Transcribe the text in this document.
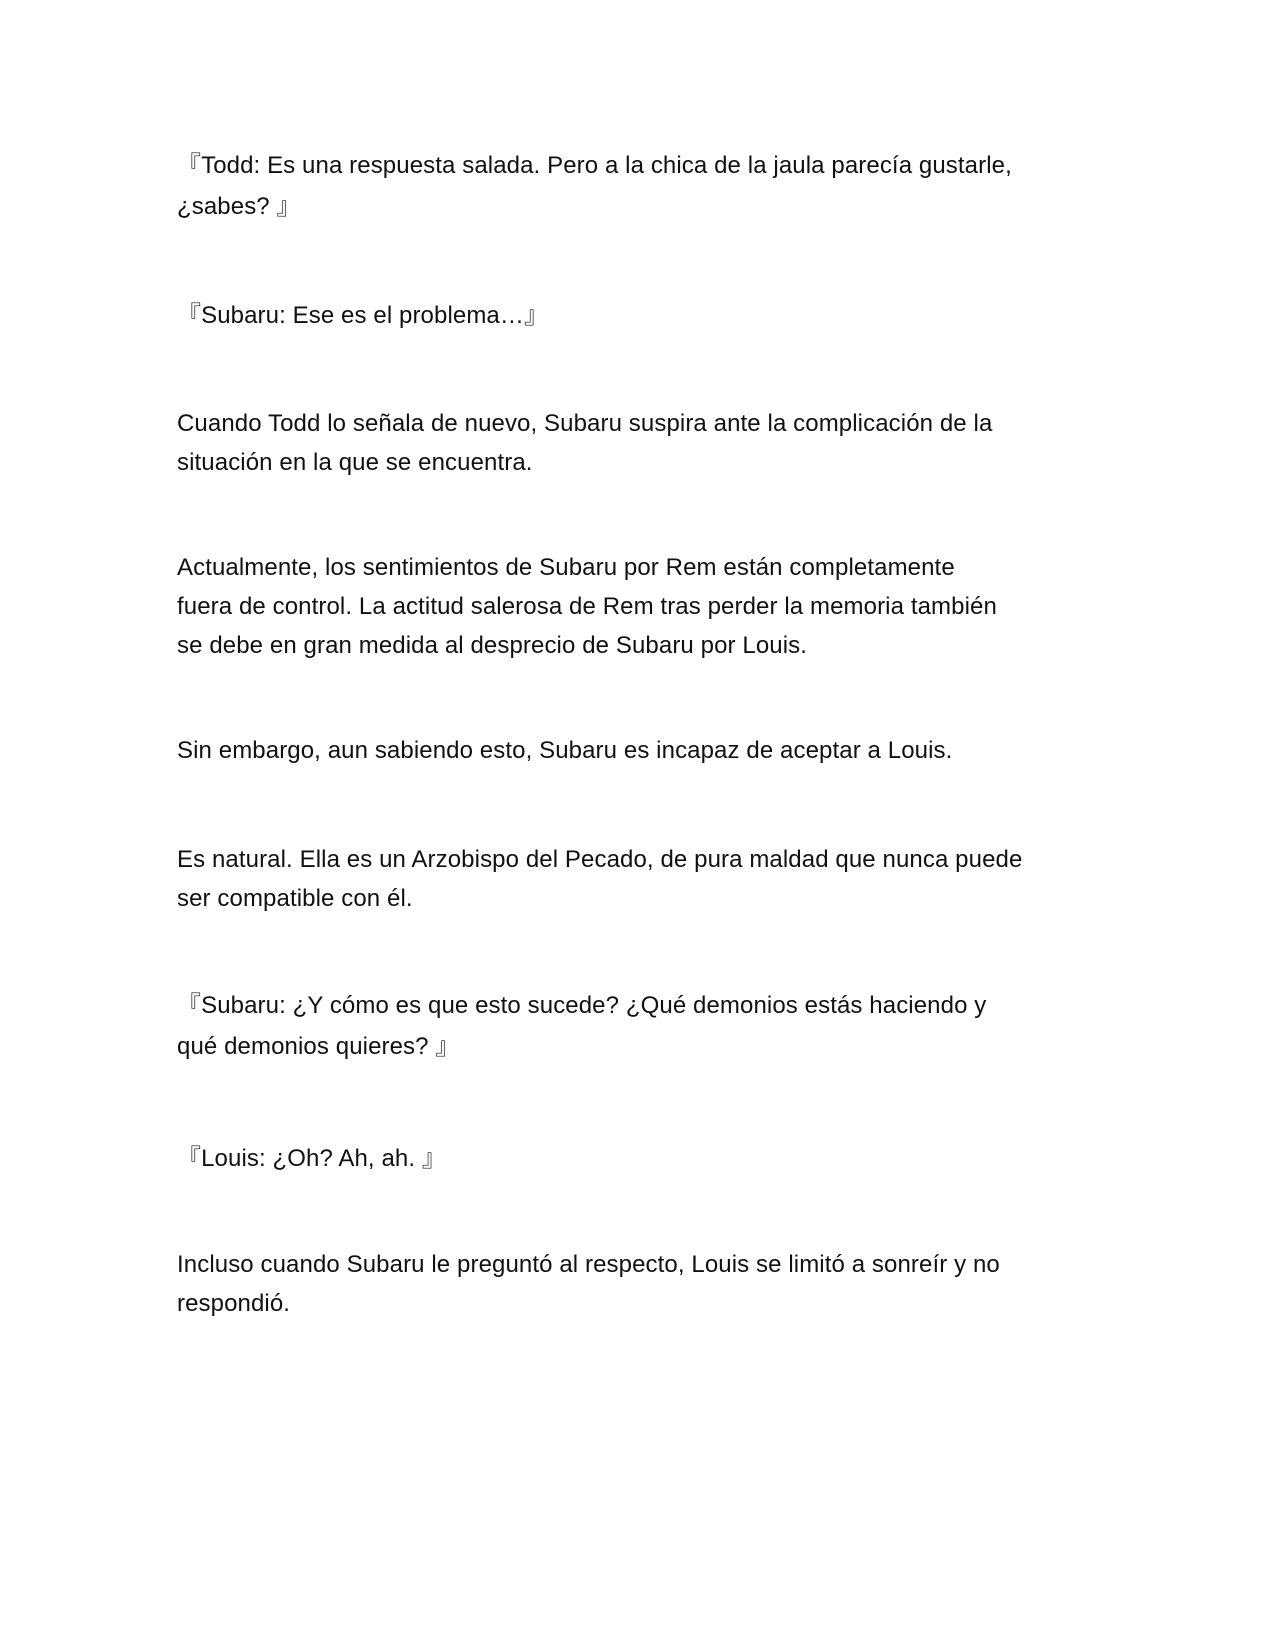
『Todd: Es una respuesta salada. Pero a la chica de la jaula parecía gustarle,
¿sabes? 』

『Subaru: Ese es el problema…』

Cuando Todd lo señala de nuevo, Subaru suspira ante la complicación de la
situación en la que se encuentra.

Actualmente, los sentimientos de Subaru por Rem están completamente
fuera de control. La actitud salerosa de Rem tras perder la memoria también
se debe en gran medida al desprecio de Subaru por Louis.

Sin embargo, aun sabiendo esto, Subaru es incapaz de aceptar a Louis.

Es natural. Ella es un Arzobispo del Pecado, de pura maldad que nunca puede
ser compatible con él.

『Subaru: ¿Y cómo es que esto sucede? ¿Qué demonios estás haciendo y
qué demonios quieres? 』

『Louis: ¿Oh? Ah, ah. 』

Incluso cuando Subaru le preguntó al respecto, Louis se limitó a sonreír y no
respondió.
